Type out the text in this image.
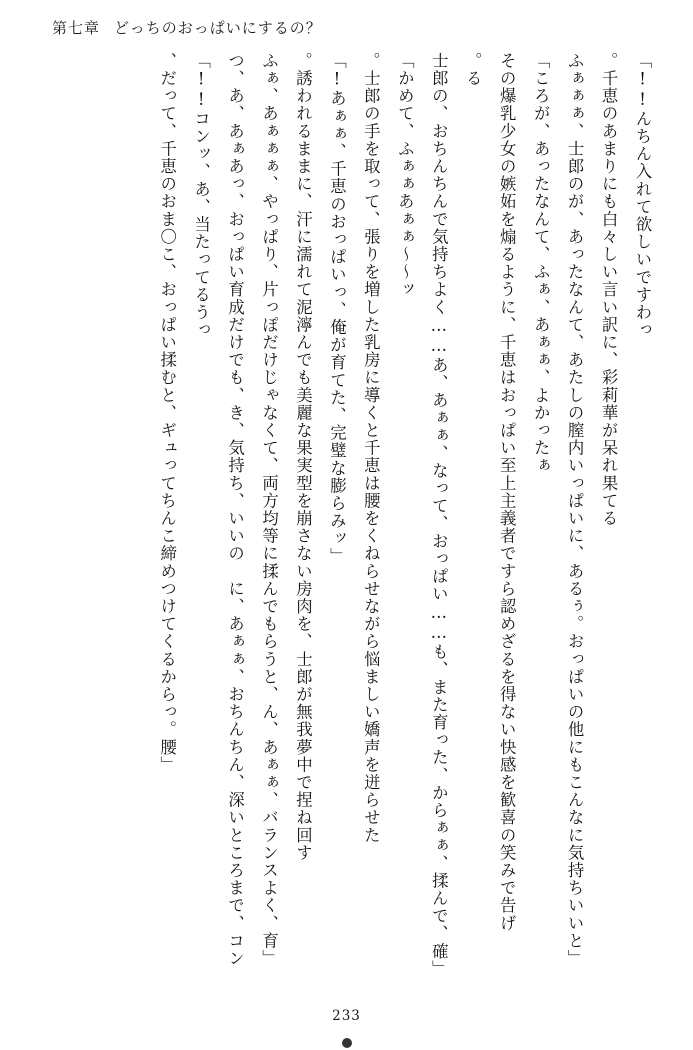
第七章 どっちのおっぱいにするの？

んちん入れて欲しいですわっ!!」

　千恵のあまりにも白々しい言い訳に、彩莉華が呆れ果てる。

「ふぁぁぁ、士郎のが、あったなんて、あたしの膣内いっぱいに、あるぅ。おっぱいの他にもこんなに気持ちいいところが、あったなんて、ふぁ、あぁぁ、よかったぁ」

　その爆乳少女の嫉妬を煽るように、千恵はおっぱい至上主義者ですら認めざるを得ない快感を歓喜の笑みで告げる。

「士郎の、おちんちんで気持ちよく……あ、あぁぁ、なって、おっぱい……も、また育った、からぁぁ、揉んで、確かめて、ふぁぁあぁぁ～～ッ」

　士郎の手を取って、張りを増した乳房に導くと千恵は腰をくねらせながら悩ましい嬌声を迸らせた。

「あぁぁ、千恵のおっぱいっ、俺が育てた、完璧な膨らみッ!」

　誘われるままに、汗に濡れて泥濘んでも美麗な果実型を崩さない房肉を、士郎が無我夢中で捏ね回す。

「ふぁ、あぁぁぁ、やっぱり、片っぽだけじゃなくて、両方均等に揉んでもらうと、ん、あぁぁ、バランスよく、育つ、あ、あぁあっ、おっぱい育成だけでも、き、気持ち、いいの　に、あぁぁ、おちんちん、深いところまで、コンコンッ、あ、当たってるうっ!!」

「だって、千恵のおま〇こ、おっぱい揉むと、ギュってちんこ締めつけてくるからっ。腰、

233
